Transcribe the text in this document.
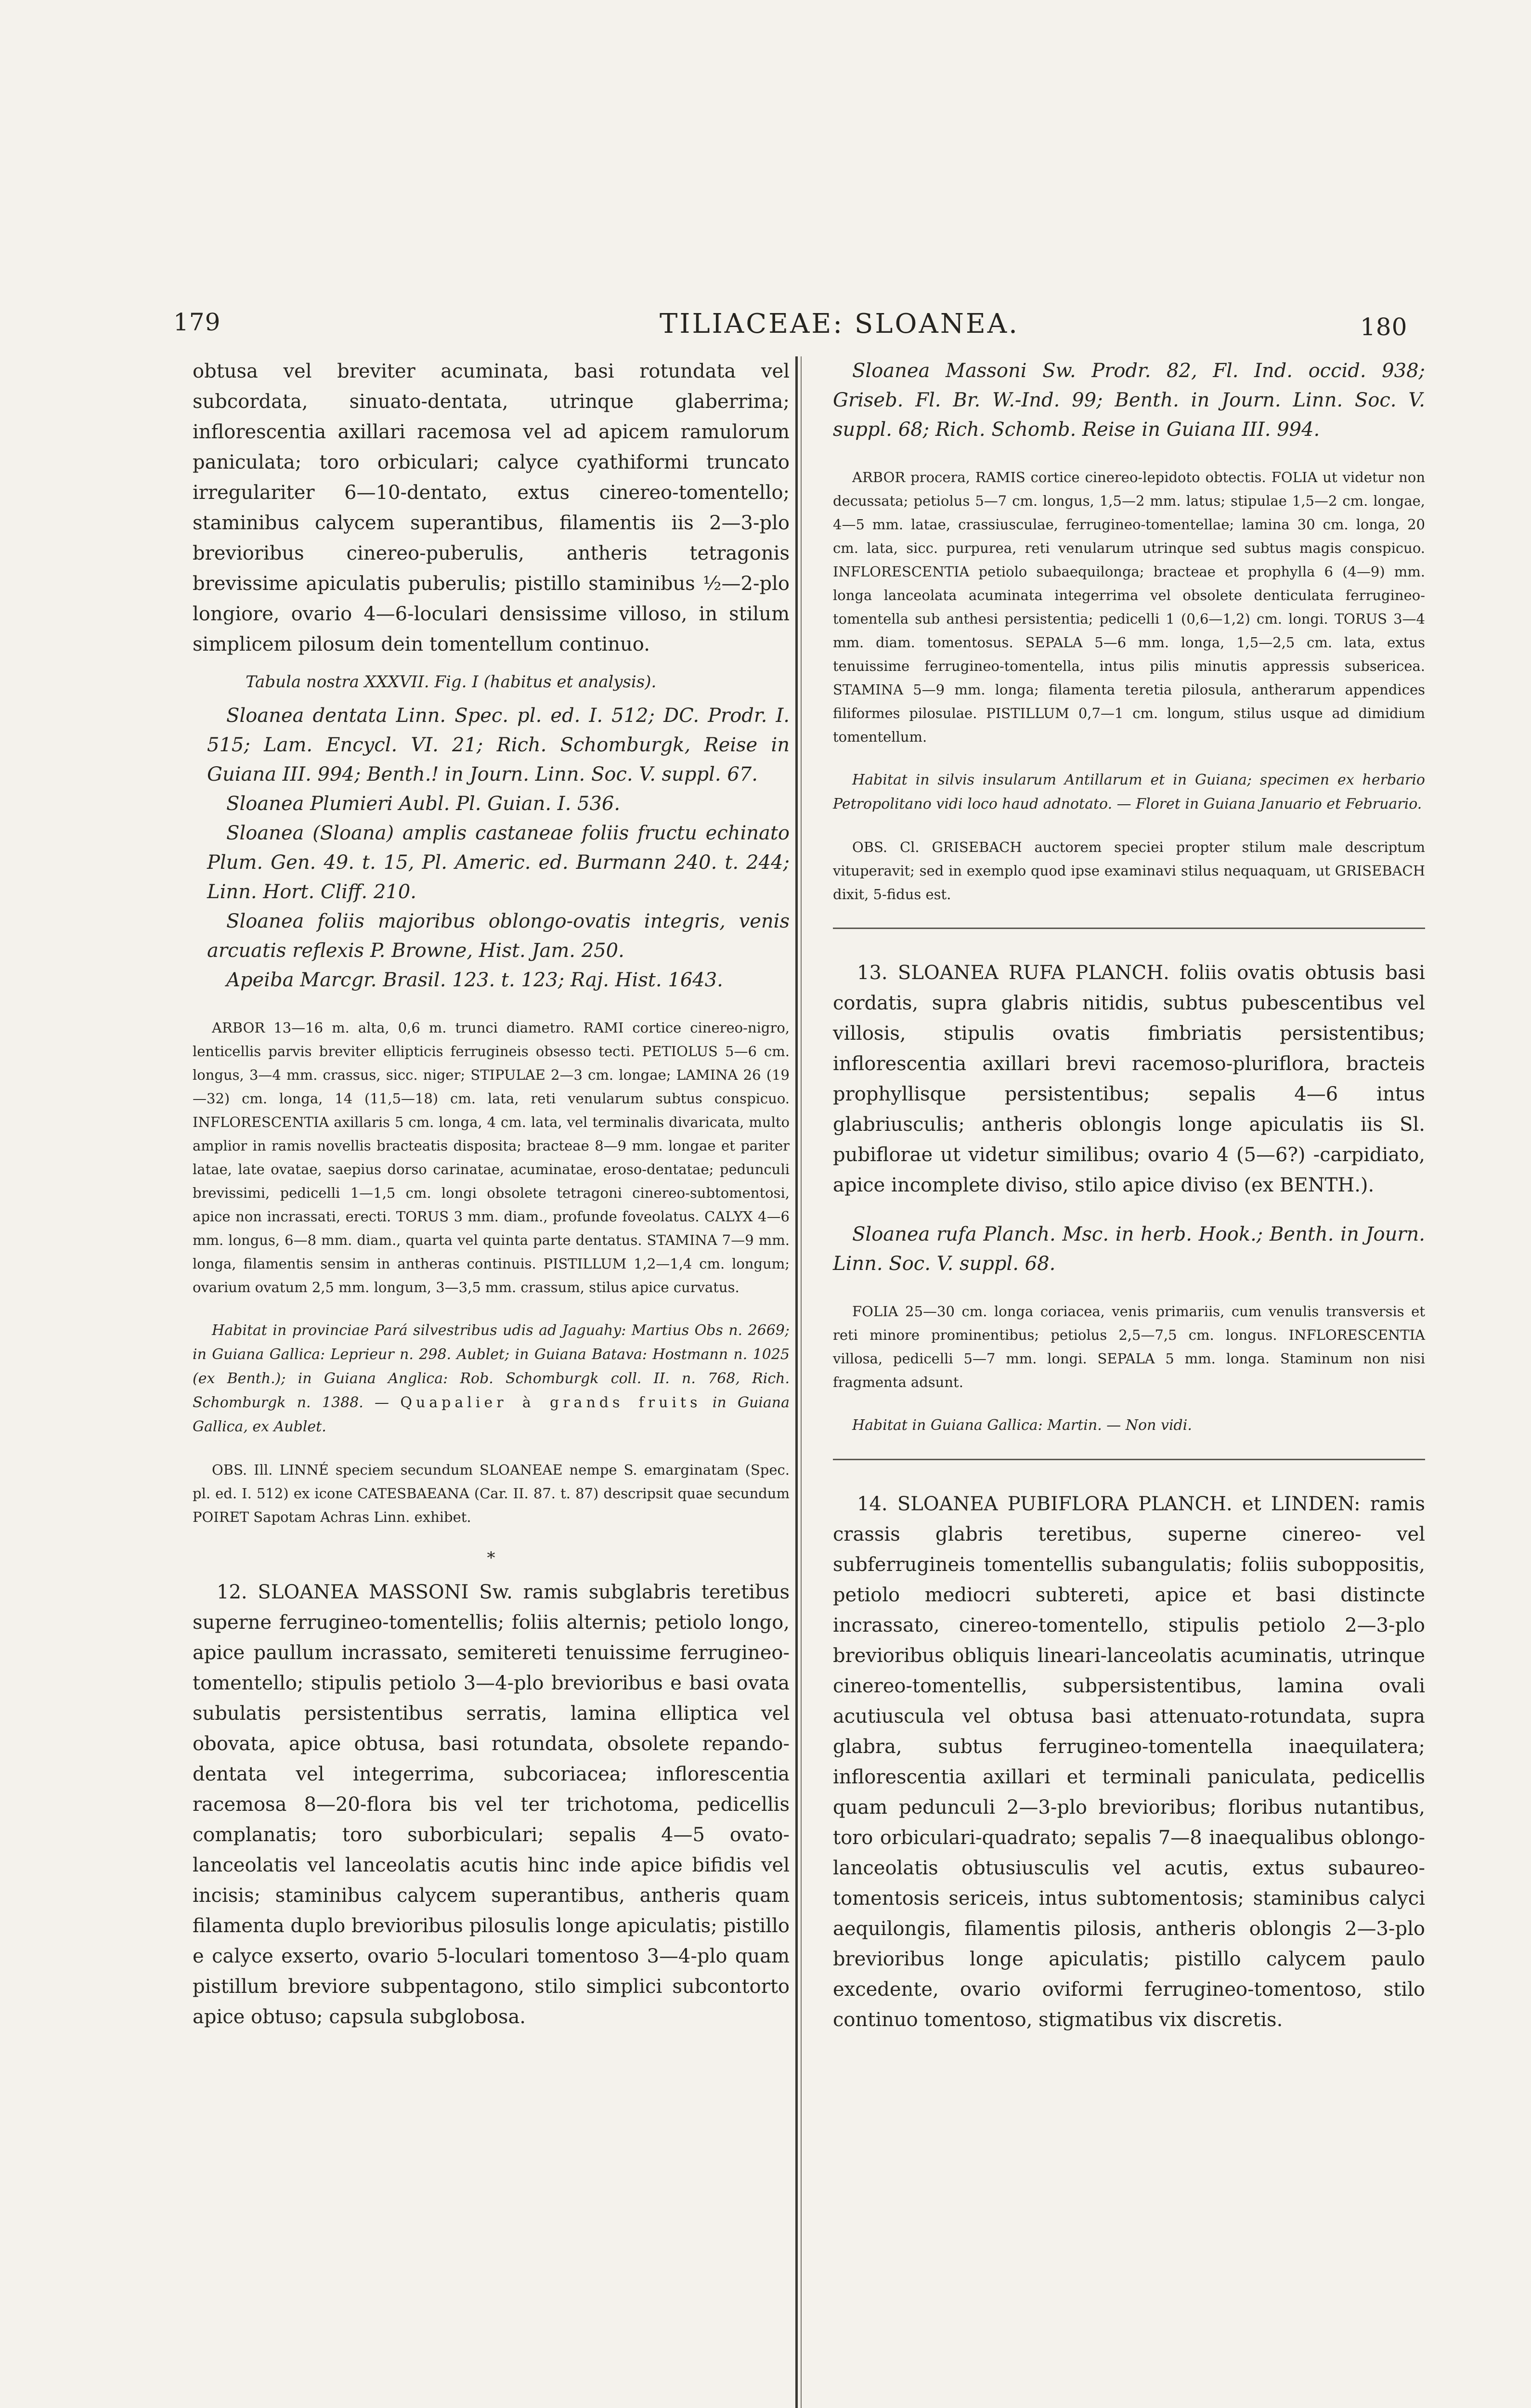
179	TILIACEAE: SLOANEA.	180

obtusa vel breviter acuminata, basi rotundata vel subcordata, sinuato-dentata, utrinque glaberrima; inflorescentia axillari racemosa vel ad apicem ramulorum paniculata; toro orbiculari; calyce cyathiformi truncato irregulariter 6—10-dentato, extus cinereo-tomentello; staminibus calycem superantibus, filamentis iis 2—3-plo brevioribus cinereo-puberulis, antheris tetragonis brevissime apiculatis puberulis; pistillo staminibus ½—2-plo longiore, ovario 4—6-loculari densissime villoso, in stilum simplicem pilosum dein tomentellum continuo.

Tabula nostra XXXVII. Fig. I (habitus et analysis).

Sloanea dentata Linn. Spec. pl. ed. I. 512; DC. Prodr. I. 515; Lam. Encycl. VI. 21; Rich. Schomburgk, Reise in Guiana III. 994; Benth.! in Journ. Linn. Soc. V. suppl. 67.

Sloanea Plumieri Aubl. Pl. Guian. I. 536.

Sloanea (Sloana) amplis castaneae foliis fructu echinato Plum. Gen. 49. t. 15, Pl. Americ. ed. Burmann 240. t. 244; Linn. Hort. Cliff. 210.

Sloanea foliis majoribus oblongo-ovatis integris, venis arcuatis reflexis P. Browne, Hist. Jam. 250.

Apeiba Marcgr. Brasil. 123. t. 123; Raj. Hist. 1643.

ARBOR 13—16 m. alta, 0,6 m. trunci diametro. RAMI cortice cinereo-nigro, lenticellis parvis breviter ellipticis ferrugineis obsesso tecti. PETIOLUS 5—6 cm. longus, 3—4 mm. crassus, sicc. niger; STIPULAE 2—3 cm. longae; LAMINA 26 (19—32) cm. longa, 14 (11,5—18) cm. lata, reti venularum subtus conspicuo. INFLORESCENTIA axillaris 5 cm. longa, 4 cm. lata, vel terminalis divaricata, multo amplior in ramis novellis bracteatis disposita; bracteae 8—9 mm. longae et pariter latae, late ovatae, saepius dorso carinatae, acuminatae, eroso-dentatae; pedunculi brevissimi, pedicelli 1—1,5 cm. longi obsolete tetragoni cinereo-subtomentosi, apice non incrassati, erecti. TORUS 3 mm. diam., profunde foveolatus. CALYX 4—6 mm. longus, 6—8 mm. diam., quarta vel quinta parte dentatus. STAMINA 7—9 mm. longa, filamentis sensim in antheras continuis. PISTILLUM 1,2—1,4 cm. longum; ovarium ovatum 2,5 mm. longum, 3—3,5 mm. crassum, stilus apice curvatus.

Habitat in provinciae Pará silvestribus udis ad Jaguahy: Martius Obs n. 2669; in Guiana Gallica: Leprieur n. 298. Aublet; in Guiana Batava: Hostmann n. 1025 (ex Benth.); in Guiana Anglica: Rob. Schomburgk coll. II. n. 768, Rich. Schomburgk n. 1388. — Quapalier à grands fruits in Guiana Gallica, ex Aublet.

OBS. Ill. LINNÉ speciem secundum SLOANEAE nempe S. emarginatam (Spec. pl. ed. I. 512) ex icone CATESBAEANA (Car. II. 87. t. 87) descripsit quae secundum POIRET Sapotam Achras Linn. exhibet.

*

12. SLOANEA MASSONI Sw. ramis subglabris teretibus superne ferrugineo-tomentellis; foliis alternis; petiolo longo, apice paullum incrassato, semitereti tenuissime ferrugineo-tomentello; stipulis petiolo 3—4-plo brevioribus e basi ovata subulatis persistentibus serratis, lamina elliptica vel obovata, apice obtusa, basi rotundata, obsolete repando-dentata vel integerrima, subcoriacea; inflorescentia racemosa 8—20-flora bis vel ter trichotoma, pedicellis complanatis; toro suborbiculari; sepalis 4—5 ovato-lanceolatis vel lanceolatis acutis hinc inde apice bifidis vel incisis; staminibus calycem superantibus, antheris quam filamenta duplo brevioribus pilosulis longe apiculatis; pistillo e calyce exserto, ovario 5-loculari tomentoso 3—4-plo quam pistillum breviore subpentagono, stilo simplici subcontorto apice obtuso; capsula subglobosa.

Sloanea Massoni Sw. Prodr. 82, Fl. Ind. occid. 938; Griseb. Fl. Br. W.-Ind. 99; Benth. in Journ. Linn. Soc. V. suppl. 68; Rich. Schomb. Reise in Guiana III. 994.

ARBOR procera, RAMIS cortice cinereo-lepidoto obtectis. FOLIA ut videtur non decussata; petiolus 5—7 cm. longus, 1,5—2 mm. latus; stipulae 1,5—2 cm. longae, 4—5 mm. latae, crassiusculae, ferrugineo-tomentellae; lamina 30 cm. longa, 20 cm. lata, sicc. purpurea, reti venularum utrinque sed subtus magis conspicuo. INFLORESCENTIA petiolo subaequilonga; bracteae et prophylla 6 (4—9) mm. longa lanceolata acuminata integerrima vel obsolete denticulata ferrugineo-tomentella sub anthesi persistentia; pedicelli 1 (0,6—1,2) cm. longi. TORUS 3—4 mm. diam. tomentosus. SEPALA 5—6 mm. longa, 1,5—2,5 cm. lata, extus tenuissime ferrugineo-tomentella, intus pilis minutis appressis subsericea. STAMINA 5—9 mm. longa; filamenta teretia pilosula, antherarum appendices filiformes pilosulae. PISTILLUM 0,7—1 cm. longum, stilus usque ad dimidium tomentellum.

Habitat in silvis insularum Antillarum et in Guiana; specimen ex herbario Petropolitano vidi loco haud adnotato. — Floret in Guiana Januario et Februario.

OBS. Cl. GRISEBACH auctorem speciei propter stilum male descriptum vituperavit; sed in exemplo quod ipse examinavi stilus nequaquam, ut GRISEBACH dixit, 5-fidus est.

13. SLOANEA RUFA PLANCH. foliis ovatis obtusis basi cordatis, supra glabris nitidis, subtus pubescentibus vel villosis, stipulis ovatis fimbriatis persistentibus; inflorescentia axillari brevi racemoso-pluriflora, bracteis prophyllisque persistentibus; sepalis 4—6 intus glabriusculis; antheris oblongis longe apiculatis iis Sl. pubiflorae ut videtur similibus; ovario 4 (5—6?) -carpidiato, apice incomplete diviso, stilo apice diviso (ex BENTH.).

Sloanea rufa Planch. Msc. in herb. Hook.; Benth. in Journ. Linn. Soc. V. suppl. 68.

FOLIA 25—30 cm. longa coriacea, venis primariis, cum venulis transversis et reti minore prominentibus; petiolus 2,5—7,5 cm. longus. INFLORESCENTIA villosa, pedicelli 5—7 mm. longi. SEPALA 5 mm. longa. Staminum non nisi fragmenta adsunt.

Habitat in Guiana Gallica: Martin. — Non vidi.

14. SLOANEA PUBIFLORA PLANCH. et LINDEN: ramis crassis glabris teretibus, superne cinereo- vel subferrugineis tomentellis subangulatis; foliis suboppositis, petiolo mediocri subtereti, apice et basi distincte incrassato, cinereo-tomentello, stipulis petiolo 2—3-plo brevioribus obliquis lineari-lanceolatis acuminatis, utrinque cinereo-tomentellis, subpersistentibus, lamina ovali acutiuscula vel obtusa basi attenuato-rotundata, supra glabra, subtus ferrugineo-tomentella inaequilatera; inflorescentia axillari et terminali paniculata, pedicellis quam pedunculi 2—3-plo brevioribus; floribus nutantibus, toro orbiculari-quadrato; sepalis 7—8 inaequalibus oblongo-lanceolatis obtusiusculis vel acutis, extus subaureo-tomentosis sericeis, intus subtomentosis; staminibus calyci aequilongis, filamentis pilosis, antheris oblongis 2—3-plo brevioribus longe apiculatis; pistillo calycem paulo excedente, ovario oviformi ferrugineo-tomentoso, stilo continuo tomentoso, stigmatibus vix discretis.
